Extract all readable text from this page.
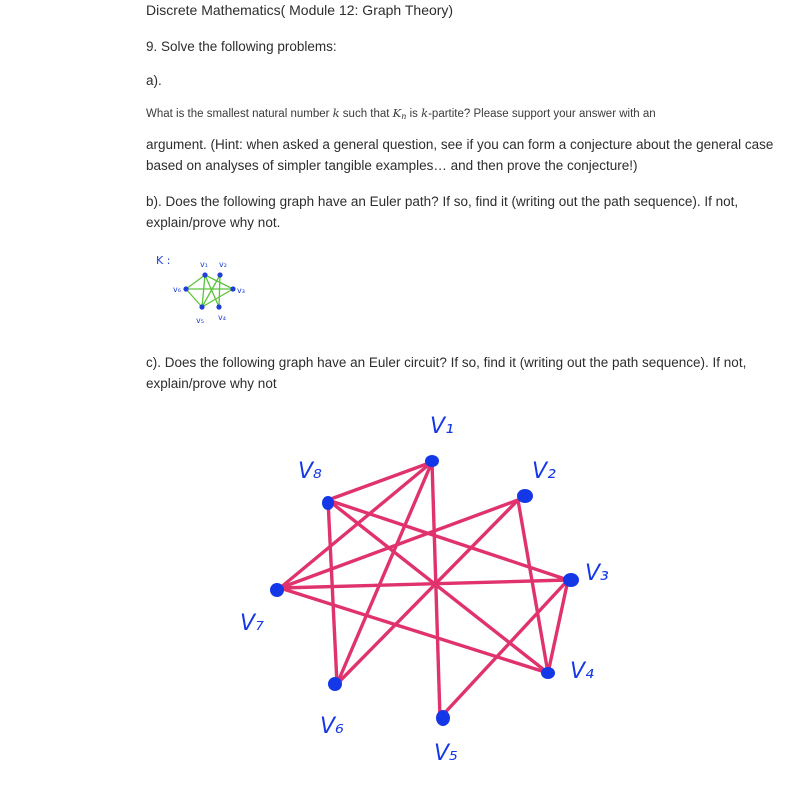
Discrete Mathematics( Module 12: Graph Theory)
9. Solve the following problems:
a).
What is the smallest natural number k such that $K_n$ is k-partite? Please support your answer with an
argument. (Hint: when asked a general question, see if you can form a conjecture about the general case based on analyses of simpler tangible examples… and then prove the conjecture!)
b). Does the following graph have an Euler path? If so, find it (writing out the path sequence). If not, explain/prove why not.
K :	v₁ v₂
v₃
v₄
v₅
v₆
c). Does the following graph have an Euler circuit? If so, find it (writing out the path sequence). If not, explain/prove why not
V₁
V₂
V₃
V₄
V₅
V₆
V₇
V₈
